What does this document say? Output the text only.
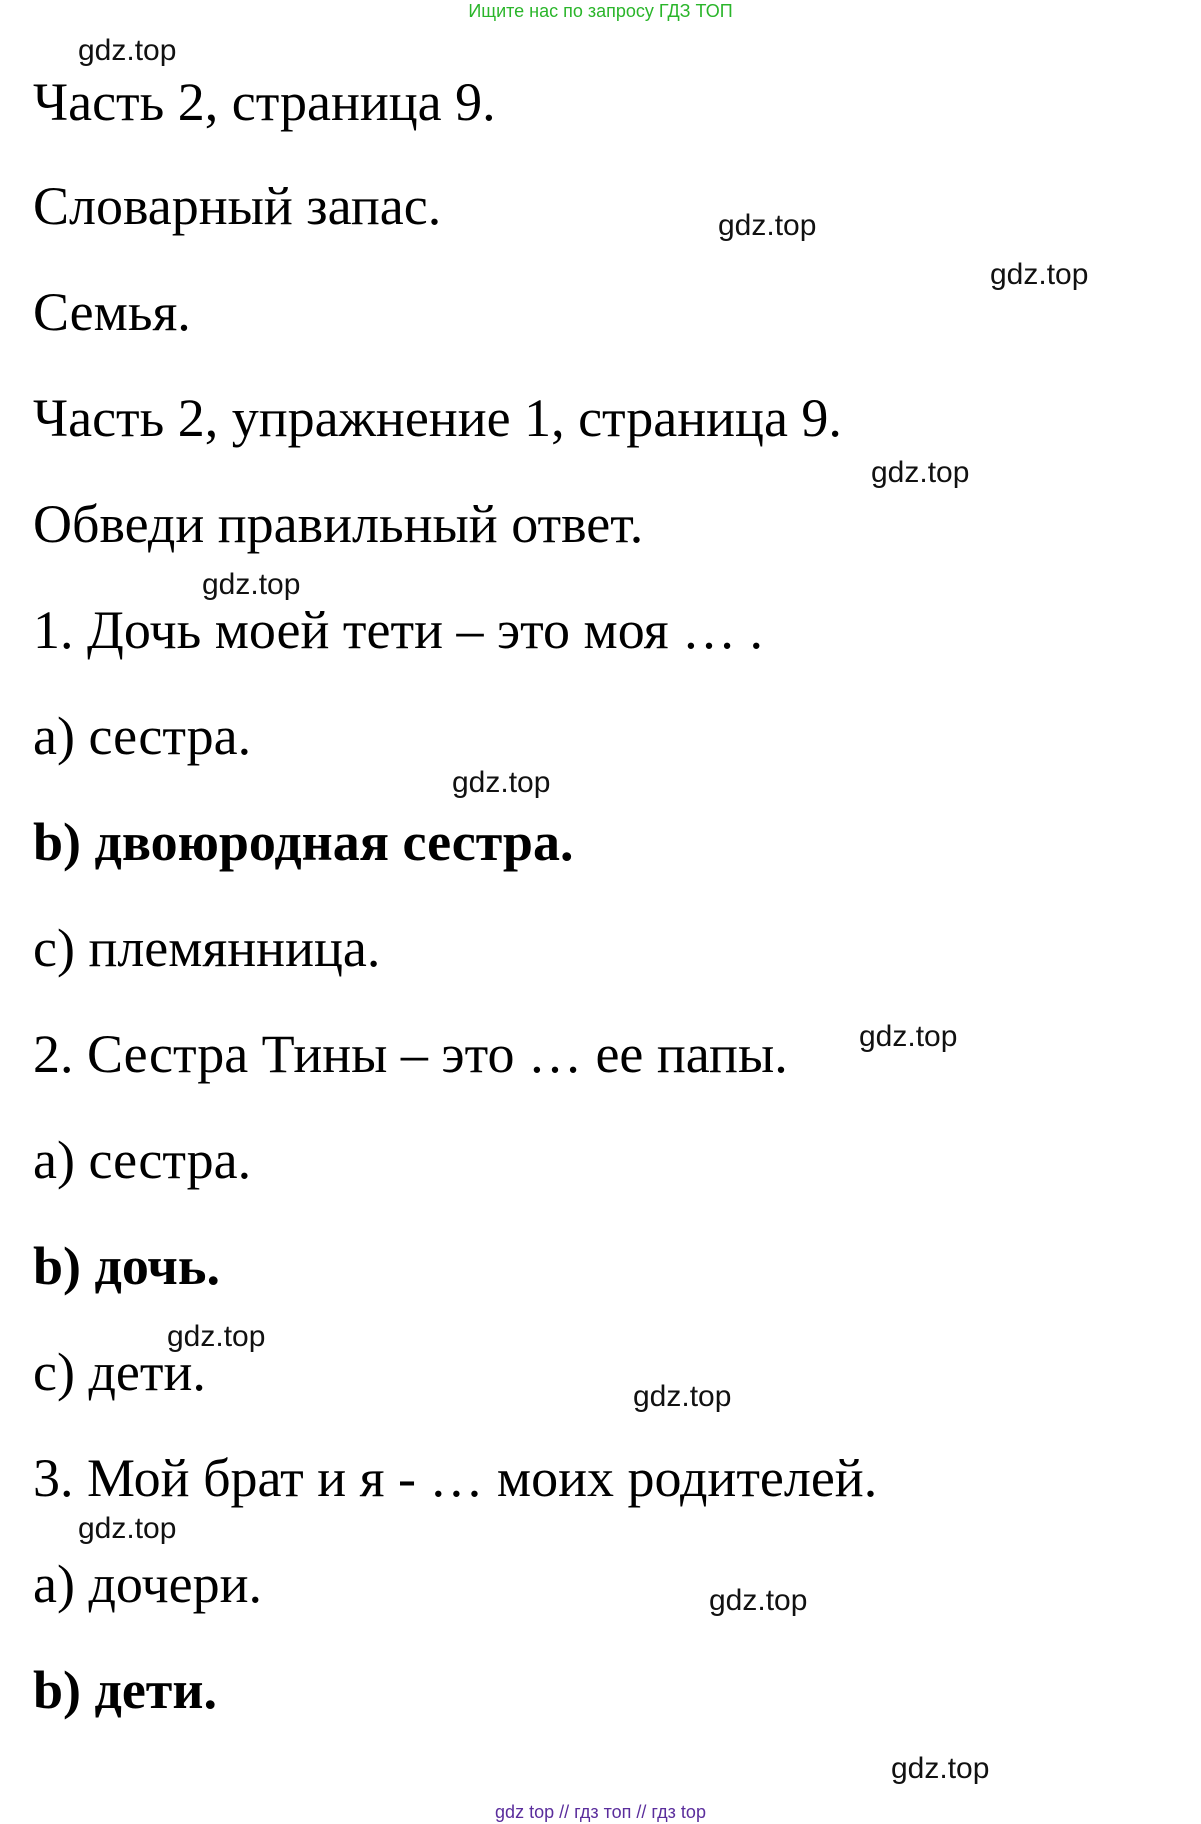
Ищите нас по запросу ГДЗ ТОП
Часть 2, страница 9.
Словарный запас.
Семья.
Часть 2, упражнение 1, страница 9.
Обведи правильный ответ.
1. Дочь моей тети – это моя … .
а) сестра.
b) двоюродная сестра.
c) племянница.
2. Сестра Тины – это … ее папы.
а) сестра.
b) дочь.
c) дети.
3. Мой брат и я - … моих родителей.
а) дочери.
b) дети.
gdz.top
gdz.top
gdz.top
gdz.top
gdz.top
gdz.top
gdz.top
gdz.top
gdz.top
gdz.top
gdz.top
gdz.top
gdz top // гдз топ // гдз top
